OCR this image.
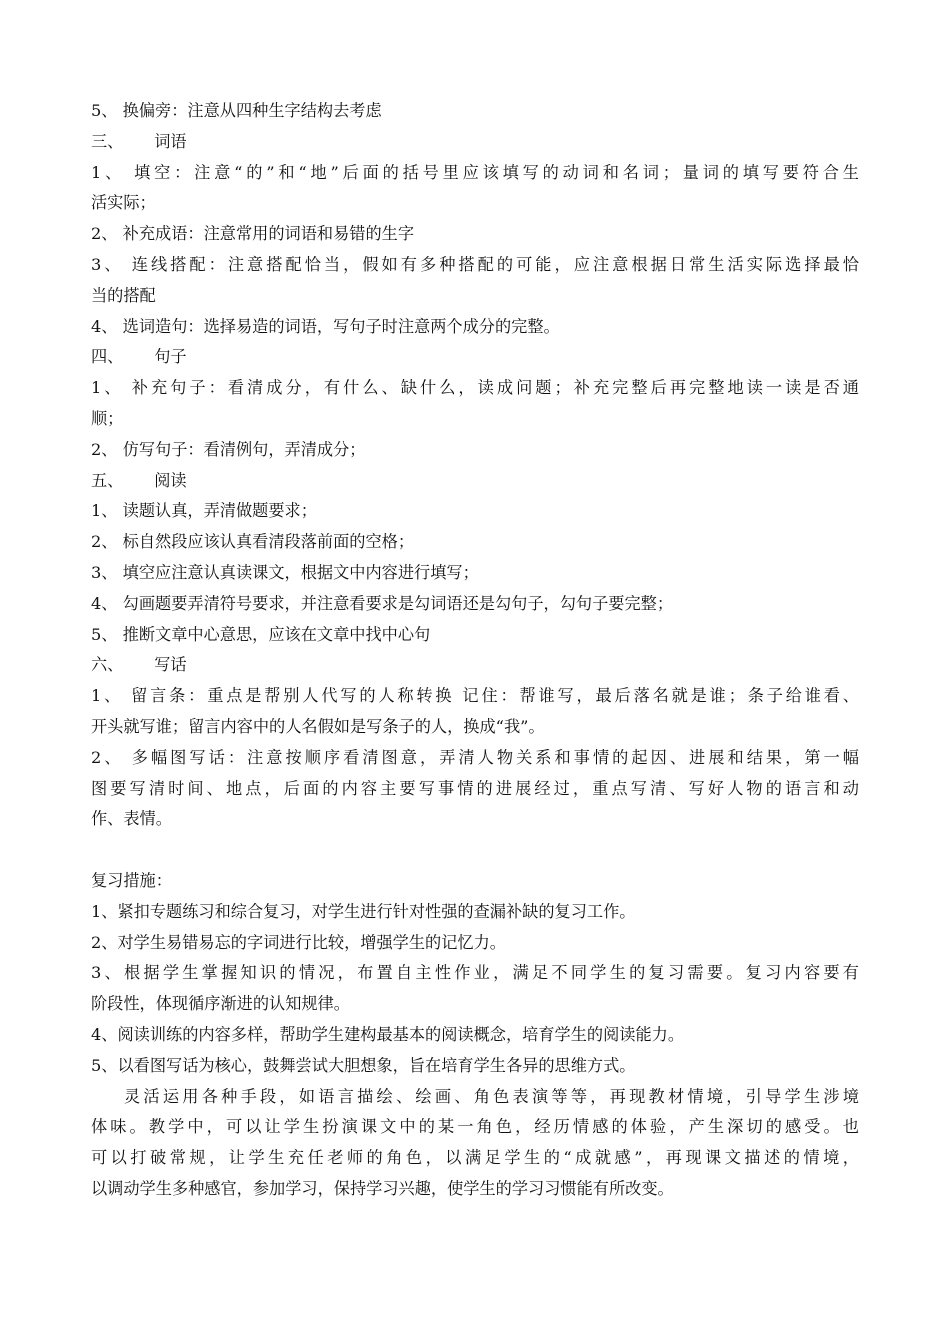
5、 换偏旁：注意从四种生字结构去考虑

三、      词语

1、 填空：注意“的”和“地”后面的括号里应该填写的动词和名词；量词的填写要符合生

活实际；

2、 补充成语：注意常用的词语和易错的生字

3、 连线搭配：注意搭配恰当，假如有多种搭配的可能，应注意根据日常生活实际选择最恰

当的搭配

4、 选词造句：选择易造的词语，写句子时注意两个成分的完整。

四、      句子

1、 补充句子：看清成分，有什么、缺什么，读成问题；补充完整后再完整地读一读是否通

顺；

2、 仿写句子：看清例句，弄清成分；

五、      阅读

1、 读题认真，弄清做题要求；

2、 标自然段应该认真看清段落前面的空格；

3、 填空应注意认真读课文，根据文中内容进行填写；

4、 勾画题要弄清符号要求，并注意看要求是勾词语还是勾句子，勾句子要完整；

5、 推断文章中心意思，应该在文章中找中心句

六、      写话

1、 留言条：重点是帮别人代写的人称转换 记住：帮谁写，最后落名就是谁；条子给谁看、

开头就写谁；留言内容中的人名假如是写条子的人，换成“我”。

2、 多幅图写话：注意按顺序看清图意，弄清人物关系和事情的起因、进展和结果，第一幅

图要写清时间、地点，后面的内容主要写事情的进展经过，重点写清、写好人物的语言和动

作、表情。

复习措施：

1、紧扣专题练习和综合复习，对学生进行针对性强的查漏补缺的复习工作。

2、对学生易错易忘的字词进行比较，增强学生的记忆力。

3、根据学生掌握知识的情况，布置自主性作业，满足不同学生的复习需要。复习内容要有

阶段性，体现循序渐进的认知规律。

4、阅读训练的内容多样，帮助学生建构最基本的阅读概念，培育学生的阅读能力。

5、以看图写话为核心，鼓舞尝试大胆想象，旨在培育学生各异的思维方式。

灵活运用各种手段，如语言描绘、绘画、角色表演等等，再现教材情境，引导学生涉境

体味。教学中，可以让学生扮演课文中的某一角色，经历情感的体验，产生深切的感受。也

可以打破常规，让学生充任老师的角色，以满足学生的“成就感”，再现课文描述的情境，

以调动学生多种感官，参加学习，保持学习兴趣，使学生的学习习惯能有所改变。
